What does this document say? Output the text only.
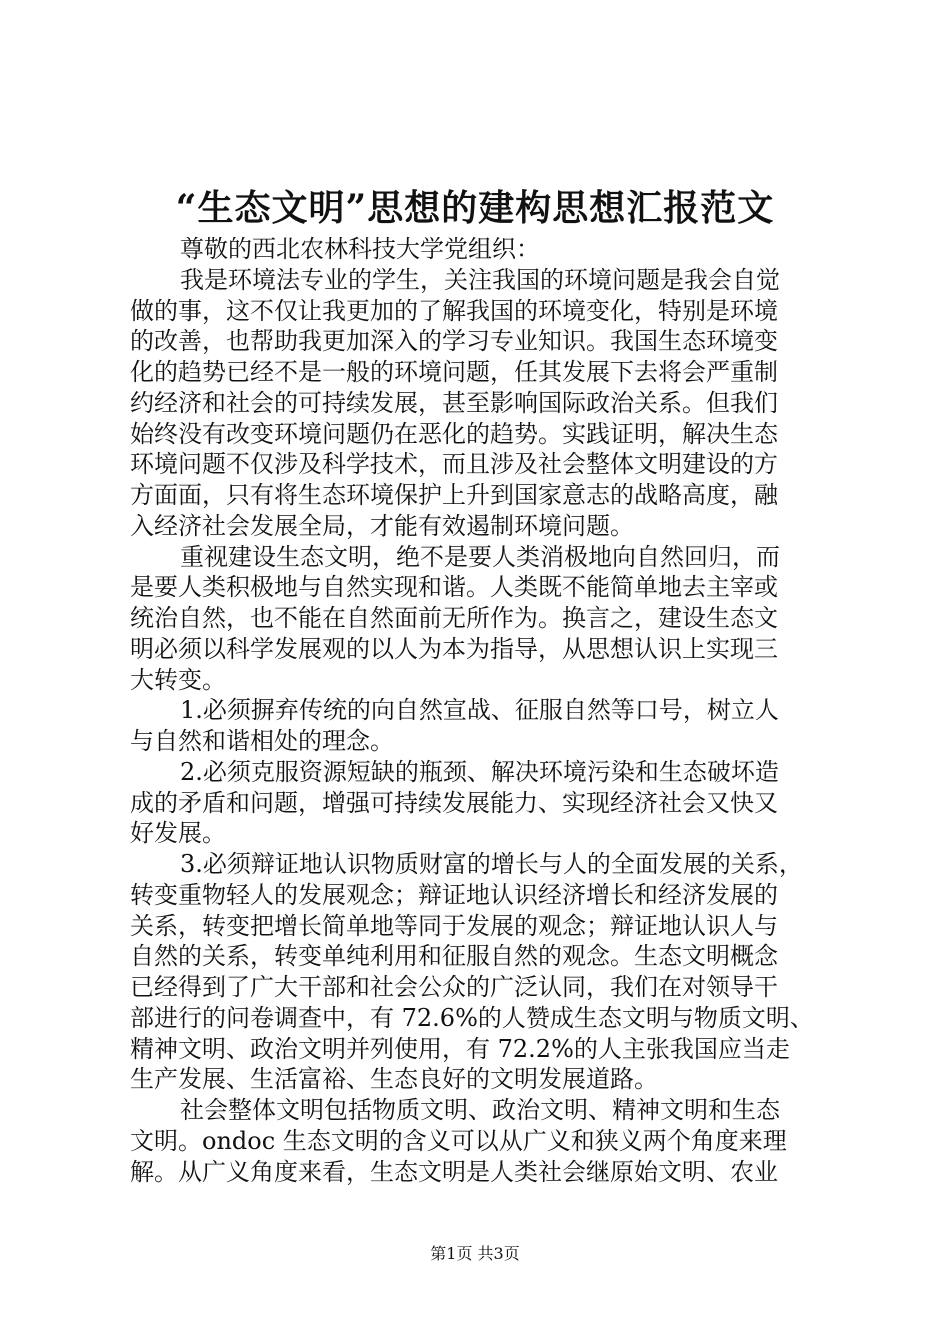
“生态文明”思想的建构思想汇报范文
尊敬的西北农林科技大学党组织：
我是环境法专业的学生，关注我国的环境问题是我会自觉
做的事，这不仅让我更加的了解我国的环境变化，特别是环境
的改善，也帮助我更加深入的学习专业知识。我国生态环境变
化的趋势已经不是一般的环境问题，任其发展下去将会严重制
约经济和社会的可持续发展，甚至影响国际政治关系。但我们
始终没有改变环境问题仍在恶化的趋势。实践证明，解决生态
环境问题不仅涉及科学技术，而且涉及社会整体文明建设的方
方面面，只有将生态环境保护上升到国家意志的战略高度，融
入经济社会发展全局，才能有效遏制环境问题。
重视建设生态文明，绝不是要人类消极地向自然回归，而
是要人类积极地与自然实现和谐。人类既不能简单地去主宰或
统治自然，也不能在自然面前无所作为。换言之，建设生态文
明必须以科学发展观的以人为本为指导，从思想认识上实现三
大转变。
1.必须摒弃传统的向自然宣战、征服自然等口号，树立人
与自然和谐相处的理念。
2.必须克服资源短缺的瓶颈、解决环境污染和生态破坏造
成的矛盾和问题，增强可持续发展能力、实现经济社会又快又
好发展。
3.必须辩证地认识物质财富的增长与人的全面发展的关系，
转变重物轻人的发展观念；辩证地认识经济增长和经济发展的
关系，转变把增长简单地等同于发展的观念；辩证地认识人与
自然的关系，转变单纯利用和征服自然的观念。生态文明概念
已经得到了广大干部和社会公众的广泛认同，我们在对领导干
部进行的问卷调查中，有 72.6%的人赞成生态文明与物质文明、
精神文明、政治文明并列使用，有 72.2%的人主张我国应当走
生产发展、生活富裕、生态良好的文明发展道路。
社会整体文明包括物质文明、政治文明、精神文明和生态
文明。ondoc 生态文明的含义可以从广义和狭义两个角度来理
解。从广义角度来看，生态文明是人类社会继原始文明、农业
第1页 共3页
